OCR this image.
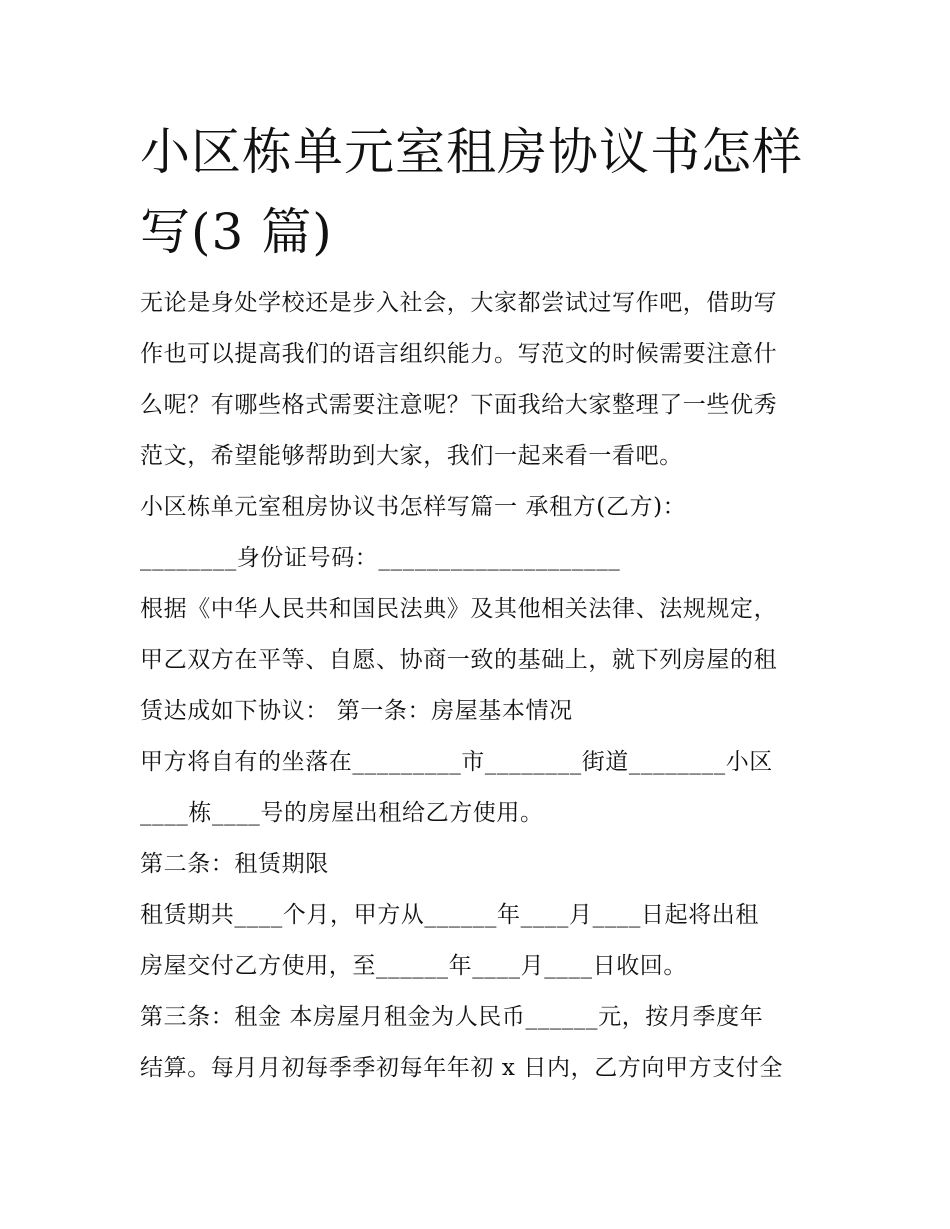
小区栋单元室租房协议书怎样
写(3 篇)
无论是身处学校还是步入社会，大家都尝试过写作吧，借助写
作也可以提高我们的语言组织能力。写范文的时候需要注意什
么呢？有哪些格式需要注意呢？下面我给大家整理了一些优秀
范文，希望能够帮助到大家，我们一起来看一看吧。
小区栋单元室租房协议书怎样写篇一 承租方(乙方)：
________身份证号码：____________________
根据《中华人民共和国民法典》及其他相关法律、法规规定，
甲乙双方在平等、自愿、协商一致的基础上，就下列房屋的租
赁达成如下协议： 第一条：房屋基本情况
甲方将自有的坐落在_________市________街道________小区
____栋____号的房屋出租给乙方使用。
第二条：租赁期限
租赁期共____个月，甲方从______年____月____日起将出租
房屋交付乙方使用，至______年____月____日收回。
第三条：租金 本房屋月租金为人民币______元，按月季度年
结算。每月月初每季季初每年年初 x 日内，乙方向甲方支付全
